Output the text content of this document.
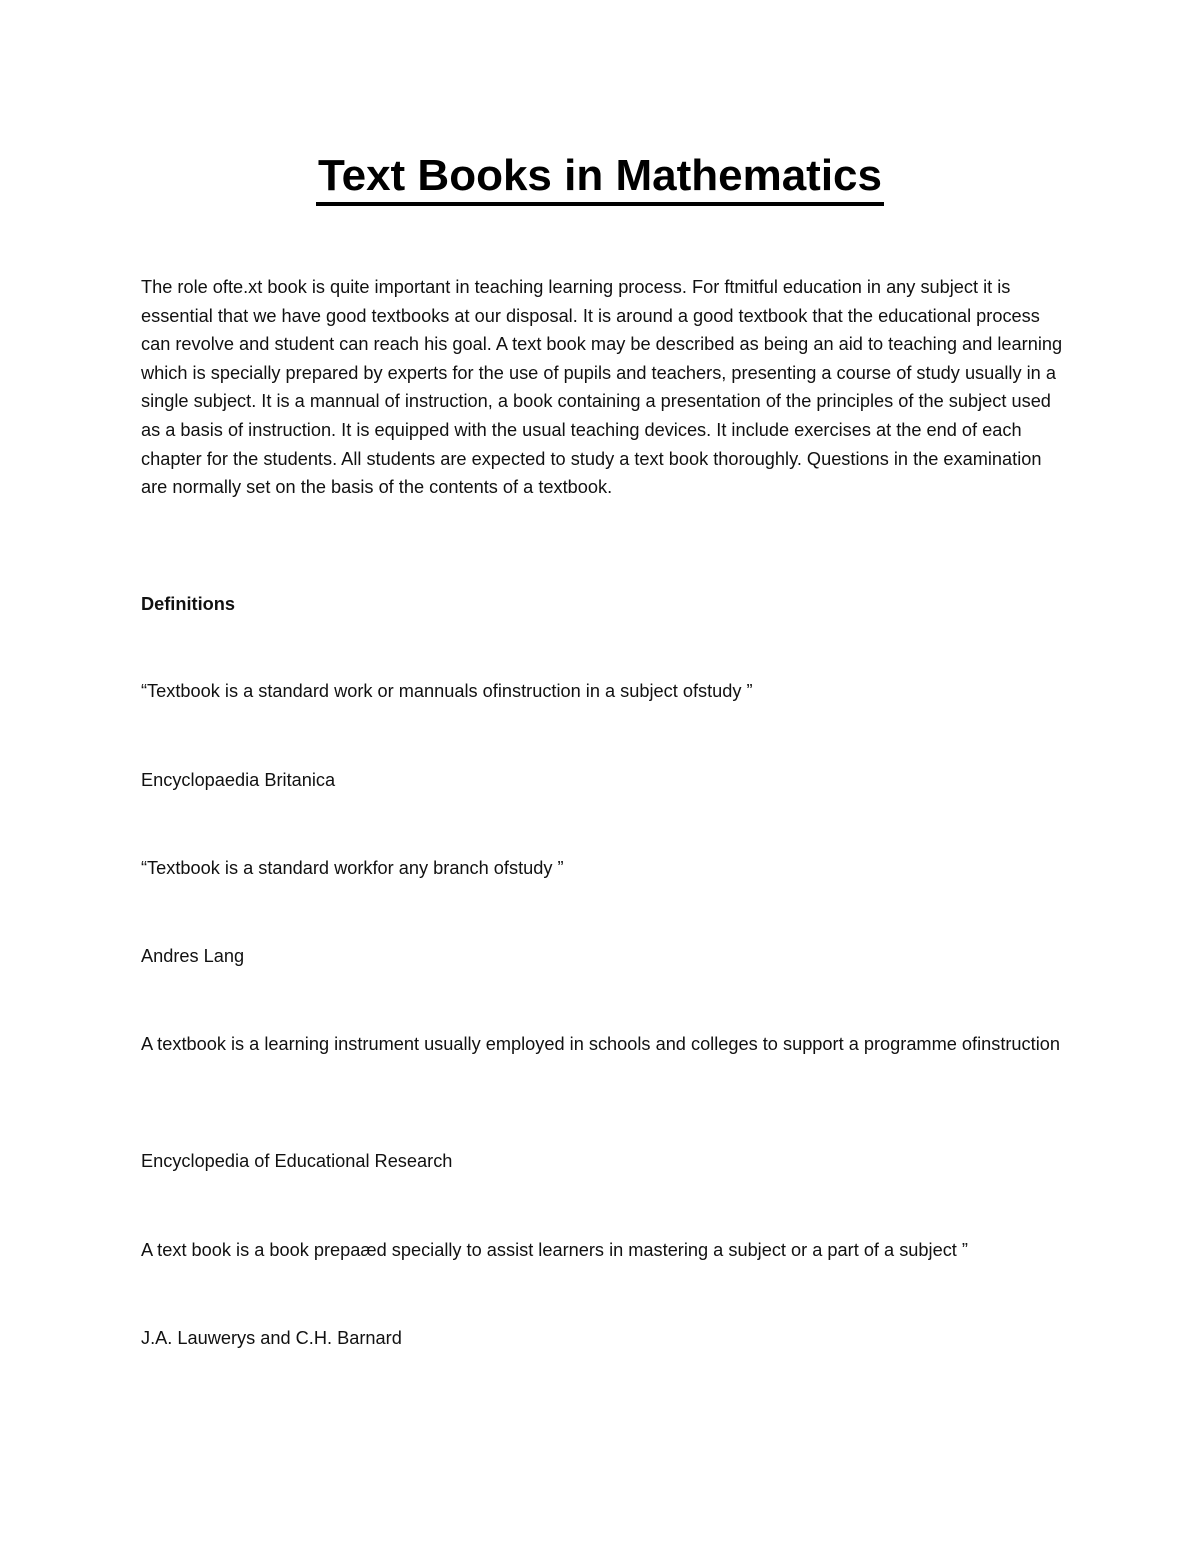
Text Books in Mathematics

The role ofte.xt book is quite important in teaching learning process. For ftmitful education in any subject it is essential that we have good textbooks at our disposal. It is around a good textbook that the educational process can revolve and student can reach his goal. A text book may be described as being an aid to teaching and learning which is specially prepared by experts for the use of pupils and teachers, presenting a course of study usually in a single subject. It is a mannual of instruction, a book containing a presentation of the principles of the subject used as a basis of instruction. It is equipped with the usual teaching devices. It include exercises at the end of each chapter for the students. All students are expected to study a text book thoroughly. Questions in the examination are normally set on the basis of the contents of a textbook.

Definitions

“Textbook is a standard work or mannuals ofinstruction in a subject ofstudy ”

Encyclopaedia Britanica

“Textbook is a standard workfor any branch ofstudy ”

Andres Lang

A textbook is a learning instrument usually employed in schools and colleges to support a programme ofinstruction

Encyclopedia of Educational Research

A text book is a book prepaæd specially to assist learners in mastering a subject or a part of a subject ”

J.A. Lauwerys and C.H. Barnard
